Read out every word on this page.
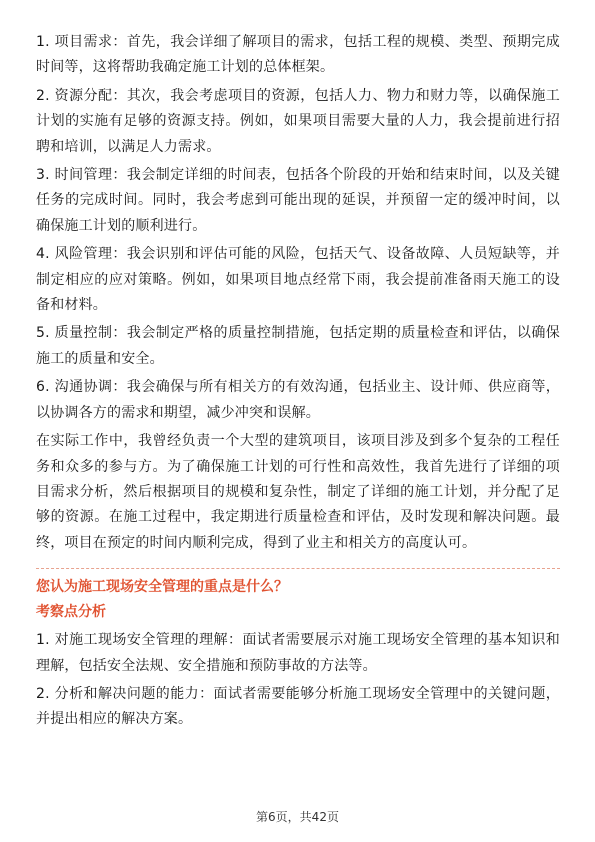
1. 项目需求：首先，我会详细了解项目的需求，包括工程的规模、类型、预期完成时间等，这将帮助我确定施工计划的总体框架。

2. 资源分配：其次，我会考虑项目的资源，包括人力、物力和财力等，以确保施工计划的实施有足够的资源支持。例如，如果项目需要大量的人力，我会提前进行招聘和培训，以满足人力需求。

3. 时间管理：我会制定详细的时间表，包括各个阶段的开始和结束时间，以及关键任务的完成时间。同时，我会考虑到可能出现的延误，并预留一定的缓冲时间，以确保施工计划的顺利进行。

4. 风险管理：我会识别和评估可能的风险，包括天气、设备故障、人员短缺等，并制定相应的应对策略。例如，如果项目地点经常下雨，我会提前准备雨天施工的设备和材料。

5. 质量控制：我会制定严格的质量控制措施，包括定期的质量检查和评估，以确保施工的质量和安全。

6. 沟通协调：我会确保与所有相关方的有效沟通，包括业主、设计师、供应商等，以协调各方的需求和期望，减少冲突和误解。

在实际工作中，我曾经负责一个大型的建筑项目，该项目涉及到多个复杂的工程任务和众多的参与方。为了确保施工计划的可行性和高效性，我首先进行了详细的项目需求分析，然后根据项目的规模和复杂性，制定了详细的施工计划，并分配了足够的资源。在施工过程中，我定期进行质量检查和评估，及时发现和解决问题。最终，项目在预定的时间内顺利完成，得到了业主和相关方的高度认可。

您认为施工现场安全管理的重点是什么？

考察点分析

1. 对施工现场安全管理的理解：面试者需要展示对施工现场安全管理的基本知识和理解，包括安全法规、安全措施和预防事故的方法等。

2. 分析和解决问题的能力：面试者需要能够分析施工现场安全管理中的关键问题，并提出相应的解决方案。

第6页，共42页
